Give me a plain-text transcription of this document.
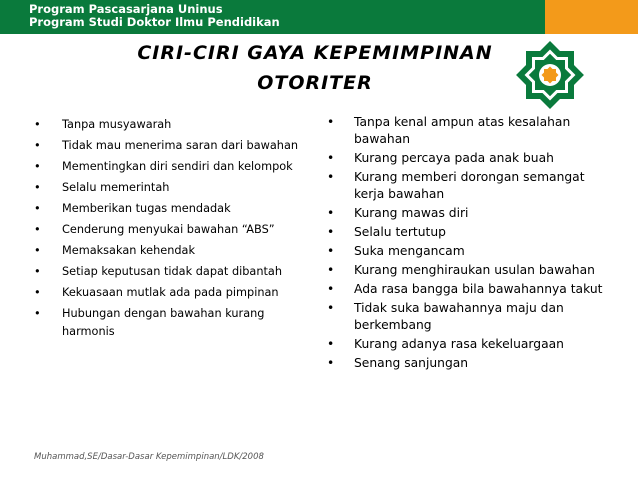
Program Pascasarjana Uninus
Program Studi Doktor Ilmu Pendidikan
CIRI-CIRI GAYA KEPEMIMPINAN
OTORITER
• Tanpa musyawarah
• Tidak mau menerima saran dari bawahan
• Mementingkan diri sendiri dan kelompok
• Selalu memerintah
• Memberikan tugas mendadak
• Cenderung menyukai bawahan “ABS”
• Memaksakan kehendak
• Setiap keputusan tidak dapat dibantah
• Kekuasaan mutlak ada pada pimpinan
• Hubungan dengan bawahan kurang harmonis
• Tanpa kenal ampun atas kesalahan bawahan
• Kurang percaya pada anak buah
• Kurang memberi dorongan semangat kerja bawahan
• Kurang mawas diri
• Selalu tertutup
• Suka mengancam
• Kurang menghiraukan usulan bawahan
• Ada rasa bangga bila bawahannya takut
• Tidak suka bawahannya maju dan berkembang
• Kurang adanya rasa kekeluargaan
• Senang sanjungan
Muhammad,SE/Dasar-Dasar Kepemimpinan/LDK/2008
